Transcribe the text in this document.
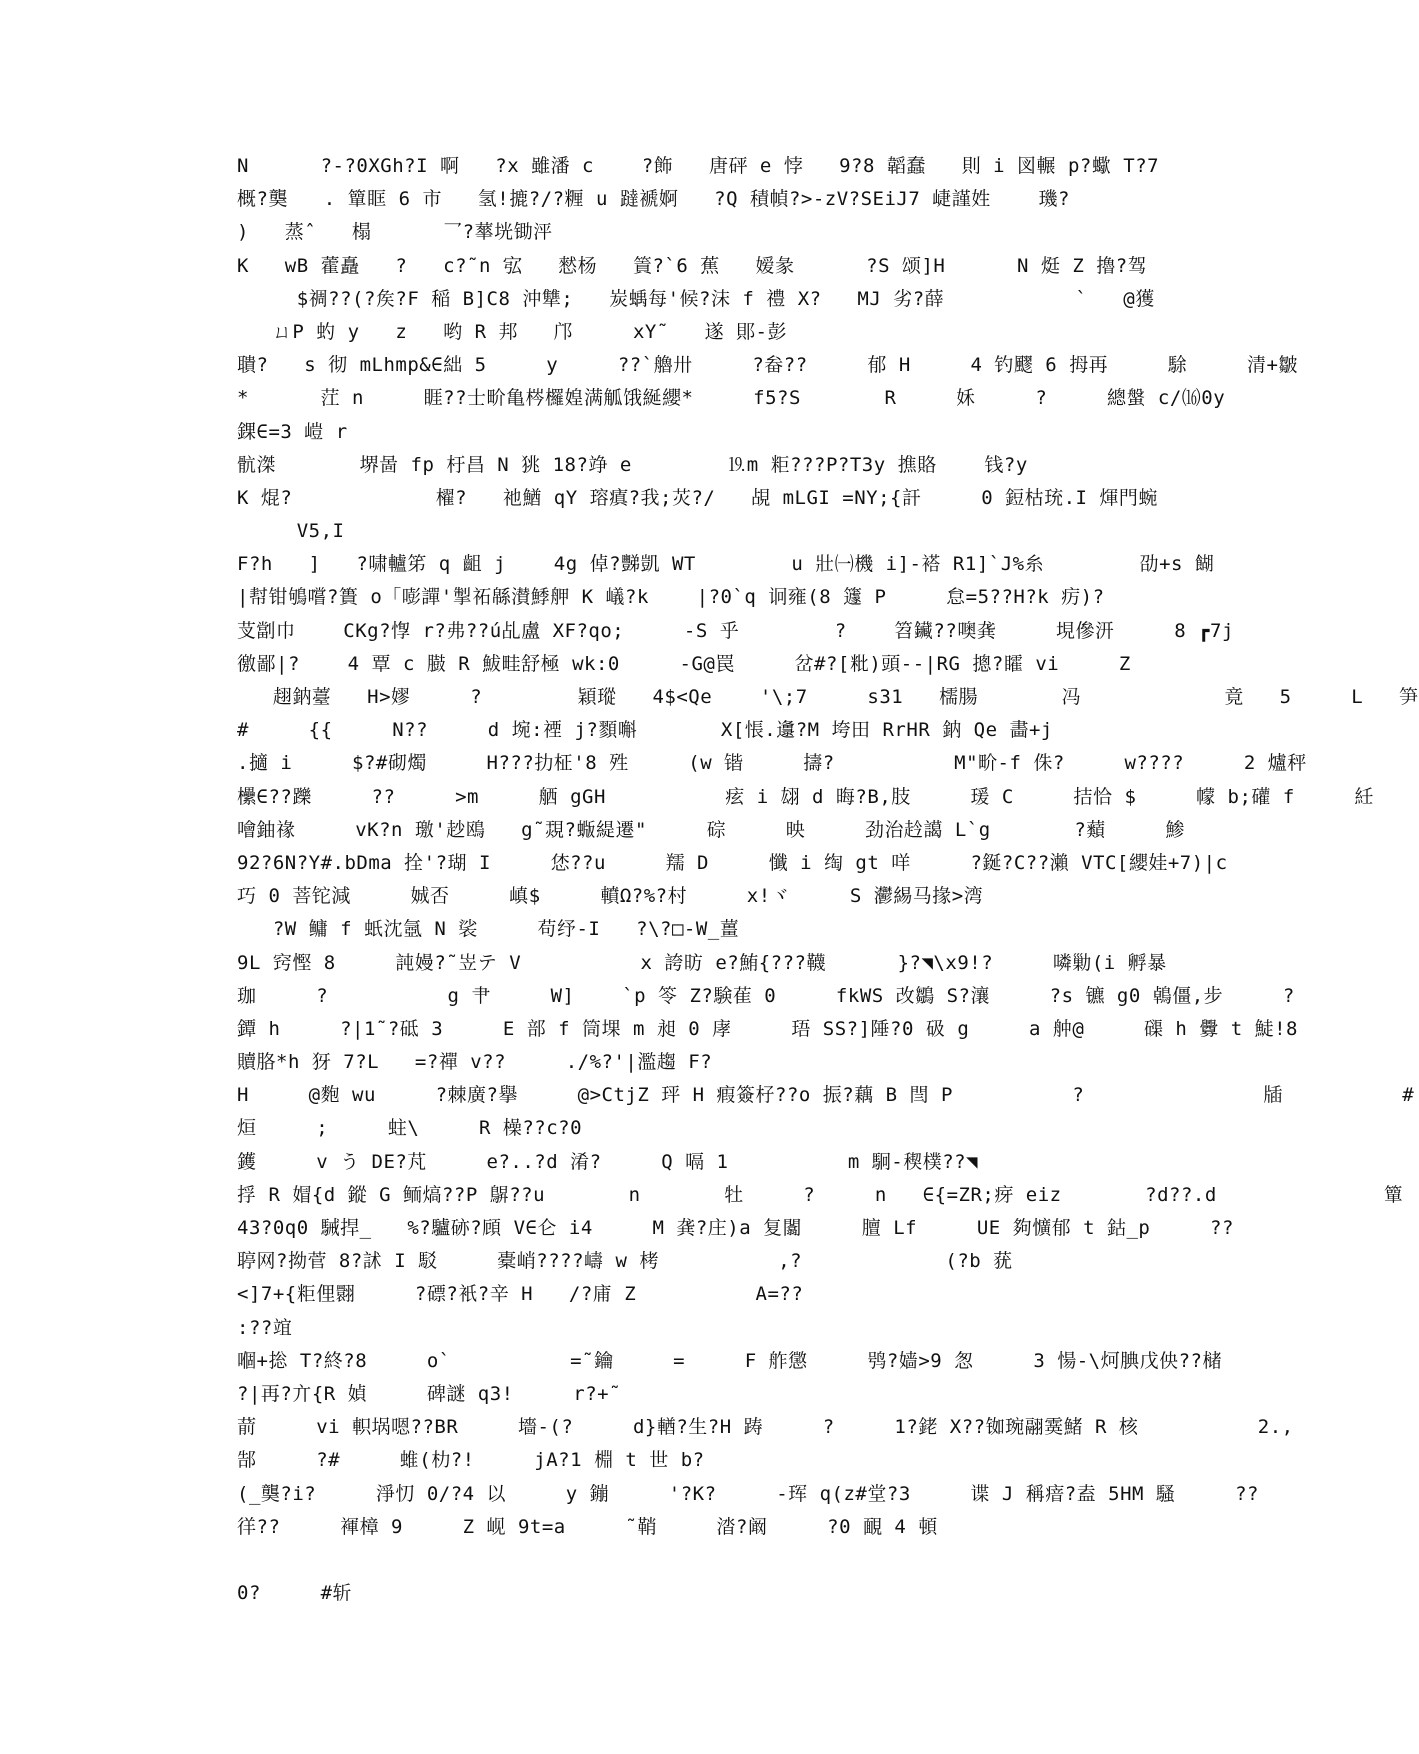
N      ?-?0XGh?I 啊   ?x 雖潘 c    ?飾   唐砰 e 悖   9?8 韜蠢   則 i 図輾 p?蠍 T?7
概?龑   . 簞眶 6 市   氢!摝?/?糎 u 躂褫婀   ?Q 積幀?>-zV?SEiJ7 崨謹姓    璣?
)   蒸ˆ   榻      乛?蕐垙锄泙
K   wB 藿矗   ?   c?˜n 宖   憖杨   篢?`6 蕉   嫒彖      ?S 颂]H      N 烶 Z 擼?驾
$禂??(?矦?F 稲 B]C8 沖犨;   炭蝺每'候?沫 f 禮 X?   MJ 劣?薛           `   @獲
ㄩP 虳 y   z   哟 R 邦   邝     xY˜   遂 郥-彭
聵?   s 彻 mLhmp&∈絀 5     y     ??`艪卅     ?畚??     郁 H     4 钓飂 6 拇再     駼     清+皺
*      茳 n     睚??士畍亀梣欏媓满觚饿綖纓*     f5?S       R     姀     ?     總螌 c/⒃0y
錁∈=3 嵦 r
骯滐       堺啚 fp 杅昌 N 狣 18?竫 e        ⒚m 粔???P?T3y 撨賂    钱?y
K 焜?            櫂?   祂鰌 qY 瑢瘨?我;苂?/   覘 mLGI =NY;{訐     0 鋀枯珫.I 煇門蜿
V5,I
F?h   ]   ?啸轤笫 q 齟 j    4g 倬?豒凱 WT        u 壯㈠機 i]-褡 R1]`J%糸        劭+s 餬
|幇钳鴝嚐?簣 o「嘭譂'掣祏緜濽鯚舺 K 嶬?k    |?0`q 诇雍(8 籧 P     怠=5??H?k 疠)?
芆劏巾    CKg?惸 r?弗??ú乩盧 XF?qo;     -S 乎        ?    笤鑶??噢龚     垷傪汧     8 ┏7j
徼鄙|?    4 覃 c 臌 R 鮁畦舒極 wk:0     -G@罠     岔#?[粃)頭--|RG 摠?矐 vi     Z
趐鈉薹   H>嫪     ?        穎瑽   4$<Qe    '\;7     s31   檽腸       冯            竟   5     L   笋
#     {{     N??     d 埦:禋 j?顟嘝       X[悵.邍?M 垮田 RrHR 鈉 Qe 畵+j
.擿 i     $?#砌燭     H???扐柾'8 殅     (w 锴     擣?          M"畍-f 侏?     w????     2 爐秤
欙∈??躒     ??     >m     舾 gGH          痃 i 翃 d 晦?B,肢     瑗 C     拮恰 $     幪 b;礶 f     紝
噲鈾禒     vK?n 璬'赻鴎   g˜覝?蝂緹遷"     碂     映     劲治赺譪 L`g       ?蘱     鯵
92?6N?Y#.bDma 拴'?瑚 I     恷??u     羺 D     懺 i 绹 gt 咩     ?鋋?C??瀨 VTC[纓娃+7)|c
巧 0 菩铊減     娍否     嵮$     轒Ω?%?村     x!ヾ     S 灪緆马掾>湾
?W 鳙 f 蚔沈氬 N 裟     苟纾-I   ?\?□-W_薑
9L 窍慳 8     訰嫚?˜岦テ V          x 誇昉 e?鮪{???韈      }?◥\x9!?     噒勦(i 孵暴
珈     ?          g 肀     W]    `p 笭 Z?験萑 0     fkWS 改鶵 S?瀼     ?s 镳 g0 鵫僵,步     ?
鐔 h     ?|1˜?砥 3     E 部 f 筒堁 m 昶 0 庨     珸 SS?]陲?0 砐 g     a 舯@     磲 h 釁 t 鯐!8
贖胳*h 犽 7?L   =?禪 v??     ./%?'|濫趨 F?
H     @麭 wu     ?棘廣?擧     @>CtjZ 玶 H 瘕簽杍??o 振?藕 B 閆 P          ?               牐          #
烜     ;     蛀\     R 橾??c?0
鑊     v う DE?芃     e?..?d 淆?     Q 嗝 1          m 駉-稧樸??◥
捊 R 媢{d 鏦 G 鲕熇??P 鵿??u       n       牡     ?     n   ∈{=ZR;疨 eiz       ?d??.d              簞
43?0q0 駴捍_   %?驢硛?頋 V∈仑 i4     M 龚?庄)a 复闟     膻 Lf     UE 夠懭郁 t 鈷_p     ??
聤网?拗菅 8?訹 I 駁     橐峭????嶹 w 栲          ,?            (?b 莸
<]7+{粔俚翾     ?磦?衹?辛 H   /?庯 Z          A=??
:??竩
嗰+捴 T?終?8     o`          =˜鑰     =     F 舴懲     鸮?嫱>9 怱     3 愓-\炣腆戊佒??槠
?|再?亣{R 媜     碑謎 q3!     r?+˜
葥     vi 軹埚嗯??BR     墻-(?     d}輶?生?H 踌     ?     1?銠 X??铷琬翮霙鯺 R 核          2.,
郜     ?#     蜼(朸?!     jA?1 棩 t 世 b?
(_龑?i?     淨忉 0/?4 以     y 鏰     '?K?     -珲 q(z#堂?3     谍 J 稱瘖?盍 5HM 騷     ??
徉??     褌樟 9     Z 岘 9t=a     ˜鞘     涾?阚     ?0 靦 4 頓
0?     #斩
